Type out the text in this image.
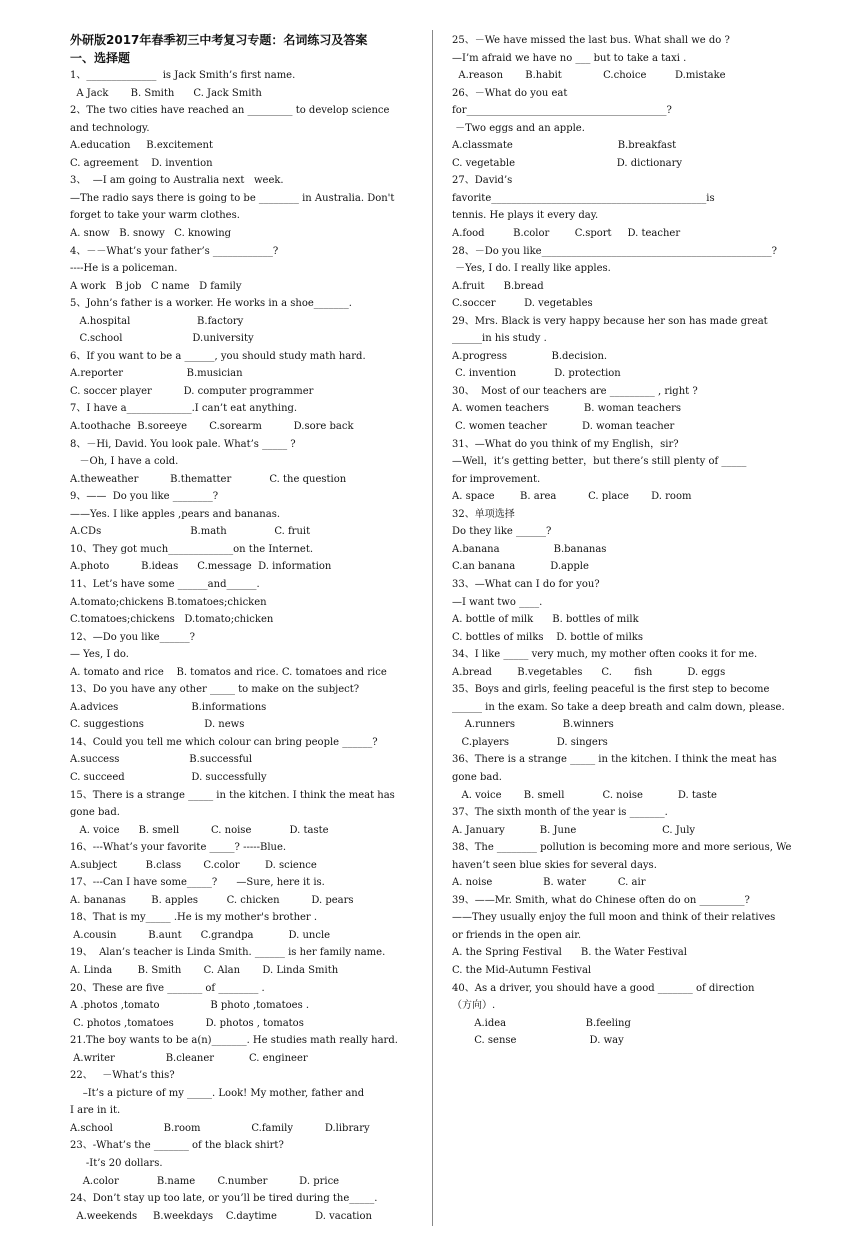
外研版2017年春季初三中考复习专题：名词练习及答案
一、选择题
1、______________  is Jack Smith’s first name.
A Jack       B. Smith      C. Jack Smith
2、The two cities have reached an _________ to develop science
and technology.
A.education     B.excitement
C. agreement    D. invention
3、  —I am going to Australia next   week.
—The radio says there is going to be ________ in Australia. Don't
forget to take your warm clothes.
A. snow   B. snowy   C. knowing
4、－－What’s your father’s ____________?
----He is a policeman.
A work   B job   C name   D family
5、John’s father is a worker. He works in a shoe_______.
A.hospital                     B.factory
C.school                      D.university
6、If you want to be a ______, you should study math hard.
A.reporter                    B.musician
C. soccer player          D. computer programmer
7、I have a_____________.I can’t eat anything.
A.toothache  B.soreeye       C.sorearm          D.sore back
8、－Hi, David. You look pale. What’s _____ ?
－Oh, I have a cold.
A.theweather          B.thematter            C. the question
9、——  Do you like ________?
——Yes. I like apples ,pears and bananas.
A.CDs                            B.math               C. fruit
10、They got much_____________on the Internet.
A.photo          B.ideas      C.message  D. information
11、Let’s have some ______and______.
A.tomato;chickens B.tomatoes;chicken
C.tomatoes;chickens   D.tomato;chicken
12、—Do you like______?
— Yes, I do.
A. tomato and rice    B. tomatos and rice. C. tomatoes and rice
13、Do you have any other _____ to make on the subject?
A.advices                       B.informations
C. suggestions                   D. news
14、Could you tell me which colour can bring people ______?
A.success                      B.successful
C. succeed                     D. successfully
15、There is a strange _____ in the kitchen. I think the meat has
gone bad.
A. voice      B. smell          C. noise            D. taste
16、---What’s your favorite _____? -----Blue.
A.subject         B.class       C.color        D. science
17、---Can I have some_____?      —Sure, here it is.
A. bananas        B. apples         C. chicken          D. pears
18、That is my_____ .He is my mother's brother .
A.cousin          B.aunt      C.grandpa           D. uncle
19、  Alan’s teacher is Linda Smith. ______ is her family name.
A. Linda        B. Smith       C. Alan       D. Linda Smith
20、These are five _______ of ________ .
A .photos ,tomato                B photo ,tomatoes .
C. photos ,tomatoes          D. photos , tomatos
21.The boy wants to be a(n)_______. He studies math really hard.
A.writer                B.cleaner           C. engineer
22、   －What’s this?
–It’s a picture of my _____. Look! My mother, father and
I are in it.
A.school                B.room                C.family          D.library
23、-What’s the _______ of the black shirt?
-It’s 20 dollars.
A.color            B.name       C.number          D. price
24、Don’t stay up too late, or you’ll be tired during the_____.
A.weekends     B.weekdays    C.daytime            D. vacation
25、－We have missed the last bus. What shall we do ?
—I’m afraid we have no ___ but to take a taxi .
A.reason       B.habit             C.choice         D.mistake
26、－What do you eat
for________________________________________?
－Two eggs and an apple.
A.classmate                                 B.breakfast
C. vegetable                                D. dictionary
27、David’s
favorite___________________________________________is
tennis. He plays it every day.
A.food         B.color        C.sport     D. teacher
28、－Do you like______________________________________________?
－Yes, I do. I really like apples.
A.fruit      B.bread
C.soccer         D. vegetables
29、Mrs. Black is very happy because her son has made great
______in his study .
A.progress              B.decision.
C. invention            D. protection
30、  Most of our teachers are _________ , right ?
A. women teachers           B. woman teachers
C. women teacher           D. woman teacher
31、—What do you think of my English，sir?
—Well，it’s getting better，but there’s still plenty of _____
for improvement.
A. space        B. area          C. place       D. room
32、单项选择
Do they like ______?
A.banana                 B.bananas
C.an banana           D.apple
33、—What can I do for you?
—I want two ____.
A. bottle of milk      B. bottles of milk
C. bottles of milks    D. bottle of milks
34、I like _____ very much, my mother often cooks it for me.
A.bread        B.vegetables      C.       fish           D. eggs
35、Boys and girls, feeling peaceful is the first step to become
______ in the exam. So take a deep breath and calm down, please.
A.runners               B.winners
C.players               D. singers
36、There is a strange _____ in the kitchen. I think the meat has
gone bad.
A. voice       B. smell            C. noise           D. taste
37、The sixth month of the year is _______.
A. January           B. June                           C. July
38、The ________ pollution is becoming more and more serious, We
haven’t seen blue skies for several days.
A. noise                B. water          C. air
39、——Mr. Smith, what do Chinese often do on _________?
——They usually enjoy the full moon and think of their relatives
or friends in the open air.
A. the Spring Festival      B. the Water Festival
C. the Mid-Autumn Festival
40、As a driver, you should have a good _______ of direction
（方向）.
A.idea                         B.feeling
C. sense                       D. way
